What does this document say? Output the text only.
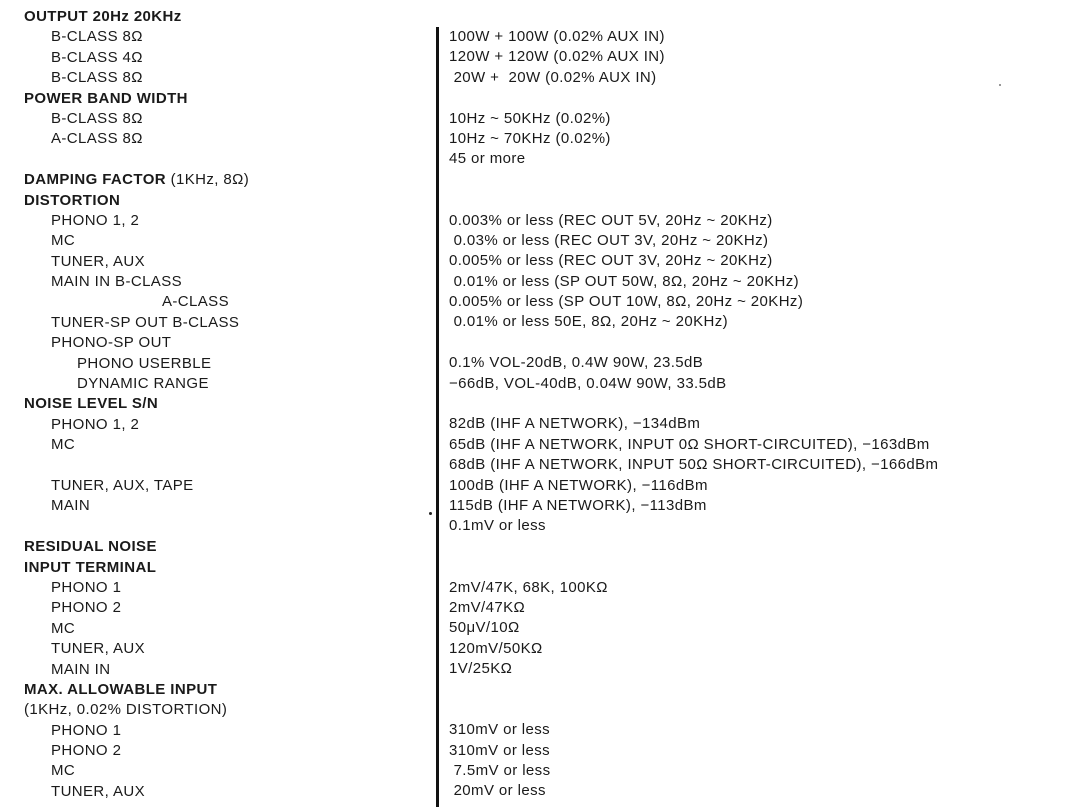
OUTPUT 20Hz 20KHz
B-CLASS 8Ω
B-CLASS 4Ω
B-CLASS 8Ω
POWER BAND WIDTH
B-CLASS 8Ω
A-CLASS 8Ω
DAMPING FACTOR (1KHz, 8Ω)
DISTORTION
PHONO 1, 2
MC
TUNER, AUX
MAIN IN B-CLASS
A-CLASS
TUNER-SP OUT B-CLASS
PHONO-SP OUT
PHONO USERBLE
DYNAMIC RANGE
NOISE LEVEL S/N
PHONO 1, 2
MC
TUNER, AUX, TAPE
MAIN
RESIDUAL NOISE
INPUT TERMINAL
PHONO 1
PHONO 2
MC
TUNER, AUX
MAIN IN
MAX. ALLOWABLE INPUT
(1KHz, 0.02% DISTORTION)
PHONO 1
PHONO 2
MC
TUNER, AUX
100W + 100W (0.02% AUX IN)
120W + 120W (0.02% AUX IN)
20W +  20W (0.02% AUX IN)
10Hz ~ 50KHz (0.02%)
10Hz ~ 70KHz (0.02%)
45 or more
0.003% or less (REC OUT 5V, 20Hz ~ 20KHz)
0.03% or less (REC OUT 3V, 20Hz ~ 20KHz)
0.005% or less (REC OUT 3V, 20Hz ~ 20KHz)
0.01% or less (SP OUT 50W, 8Ω, 20Hz ~ 20KHz)
0.005% or less (SP OUT 10W, 8Ω, 20Hz ~ 20KHz)
0.01% or less 50E, 8Ω, 20Hz ~ 20KHz)
0.1% VOL-20dB, 0.4W 90W, 23.5dB
−66dB, VOL-40dB, 0.04W 90W, 33.5dB
82dB (IHF A NETWORK), −134dBm
65dB (IHF A NETWORK, INPUT 0Ω SHORT-CIRCUITED), −163dBm
68dB (IHF A NETWORK, INPUT 50Ω SHORT-CIRCUITED), −166dBm
100dB (IHF A NETWORK), −116dBm
115dB (IHF A NETWORK), −113dBm
0.1mV or less
2mV/47K, 68K, 100KΩ
2mV/47KΩ
50μV/10Ω
120mV/50KΩ
1V/25KΩ
310mV or less
310mV or less
7.5mV or less
20mV or less
